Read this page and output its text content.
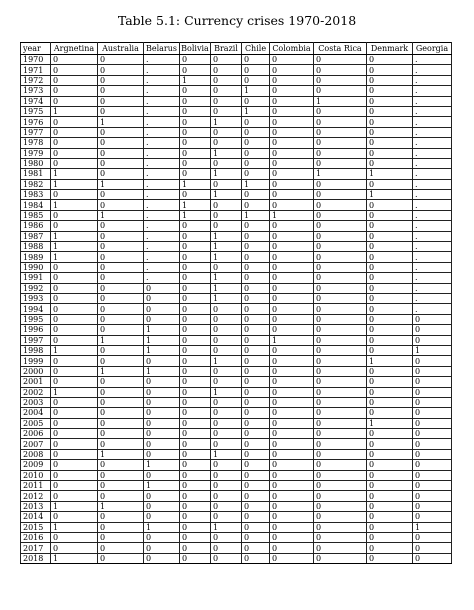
Table 5.1: Currency crises 1970-2018
year	Argnetina	Australia	Belarus	Bolivia	Brazil	Chile	Colombia	Costa Rica	Denmark	Georgia
1970	0	0	.	0	0	0	0	0	0	.
1971	0	0	.	0	0	0	0	0	0	.
1972	0	0	.	1	0	0	0	0	0	.
1973	0	0	.	0	0	1	0	0	0	.
1974	0	0	.	0	0	0	0	1	0	.
1975	1	0	.	0	0	1	0	0	0	.
1976	0	1	.	0	1	0	0	0	0	.
1977	0	0	.	0	0	0	0	0	0	.
1978	0	0	.	0	0	0	0	0	0	.
1979	0	0	.	0	1	0	0	0	0	.
1980	0	0	.	0	0	0	0	0	0	.
1981	1	0	.	0	1	0	0	1	1	.
1982	1	1	.	1	0	1	0	0	0	.
1983	0	0	.	0	1	0	0	0	1	.
1984	1	0	.	1	0	0	0	0	0	.
1985	0	1	.	1	0	1	1	0	0	.
1986	0	0	.	0	0	0	0	0	0	.
1987	1	0	.	0	1	0	0	0	0	.
1988	1	0	.	0	1	0	0	0	0	.
1989	1	0	.	0	1	0	0	0	0	.
1990	0	0	.	0	0	0	0	0	0	.
1991	0	0	.	0	1	0	0	0	0	.
1992	0	0	0	0	1	0	0	0	0	.
1993	0	0	0	0	1	0	0	0	0	.
1994	0	0	0	0	0	0	0	0	0	.
1995	0	0	0	0	0	0	0	0	0	0
1996	0	0	1	0	0	0	0	0	0	0
1997	0	1	1	0	0	0	1	0	0	0
1998	1	0	1	0	0	0	0	0	0	1
1999	0	0	0	0	1	0	0	0	1	0
2000	0	1	1	0	0	0	0	0	0	0
2001	0	0	0	0	0	0	0	0	0	0
2002	1	0	0	0	1	0	0	0	0	0
2003	0	0	0	0	0	0	0	0	0	0
2004	0	0	0	0	0	0	0	0	0	0
2005	0	0	0	0	0	0	0	0	1	0
2006	0	0	0	0	0	0	0	0	0	0
2007	0	0	0	0	0	0	0	0	0	0
2008	0	1	0	0	1	0	0	0	0	0
2009	0	0	1	0	0	0	0	0	0	0
2010	0	0	0	0	0	0	0	0	0	0
2011	0	0	1	0	0	0	0	0	0	0
2012	0	0	0	0	0	0	0	0	0	0
2013	1	1	0	0	0	0	0	0	0	0
2014	0	0	0	0	0	0	0	0	0	0
2015	1	0	1	0	1	0	0	0	0	1
2016	0	0	0	0	0	0	0	0	0	0
2017	0	0	0	0	0	0	0	0	0	0
2018	1	0	0	0	0	0	0	0	0	0
